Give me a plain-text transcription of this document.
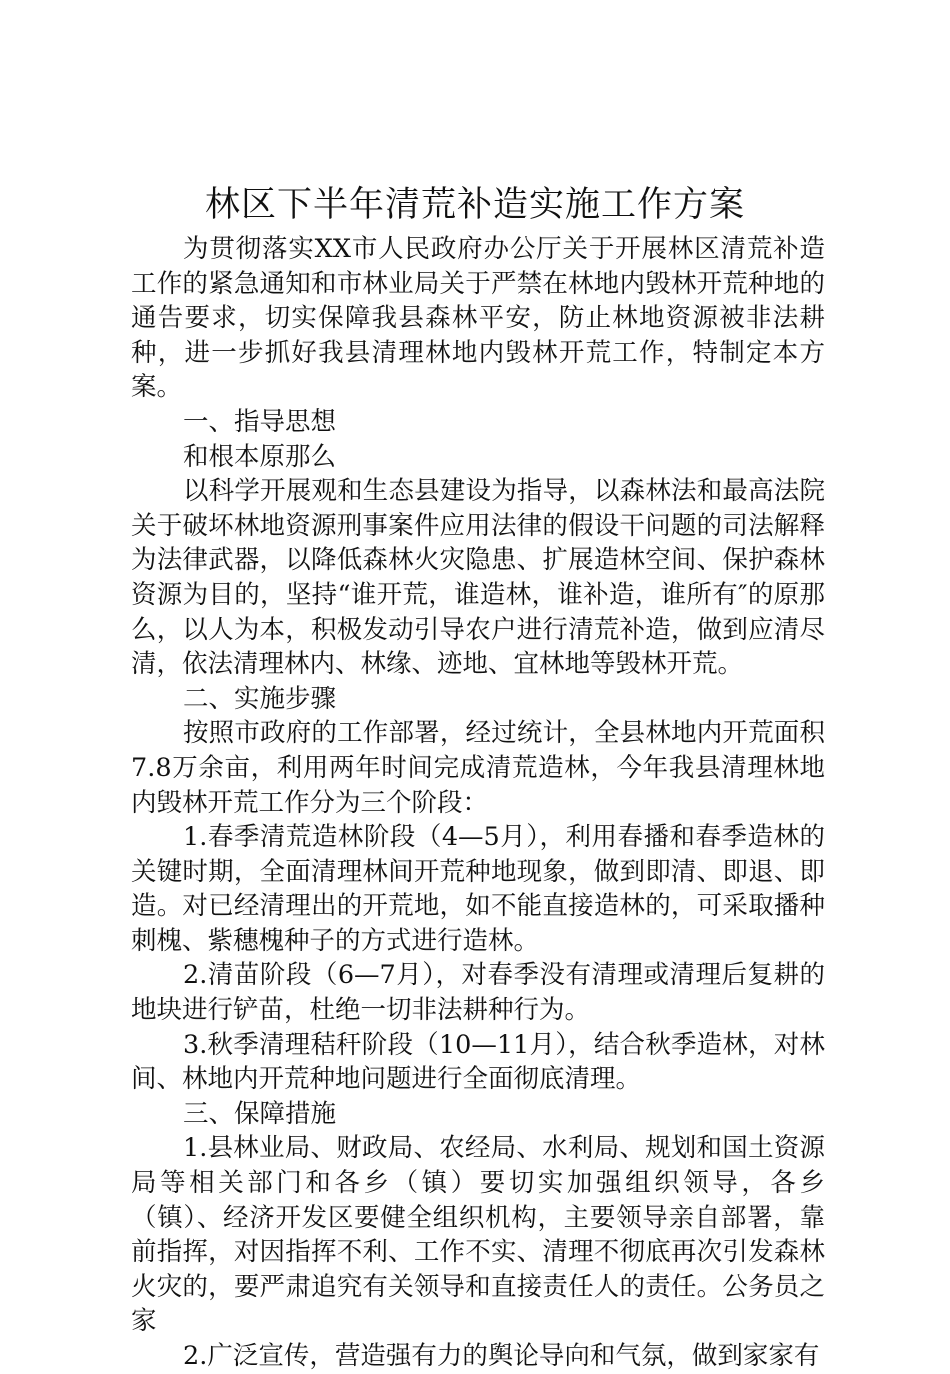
林区下半年清荒补造实施工作方案

为贯彻落实XX市人民政府办公厅关于开展林区清荒补造工作的紧急通知和市林业局关于严禁在林地内毁林开荒种地的通告要求，切实保障我县森林平安，防止林地资源被非法耕种，进一步抓好我县清理林地内毁林开荒工作，特制定本方案。

一、指导思想

和根本原那么

以科学开展观和生态县建设为指导，以森林法和最高法院关于破坏林地资源刑事案件应用法律的假设干问题的司法解释为法律武器，以降低森林火灾隐患、扩展造林空间、保护森林资源为目的，坚持“谁开荒，谁造林，谁补造，谁所有″的原那么，以人为本，积极发动引导农户进行清荒补造，做到应清尽清，依法清理林内、林缘、迹地、宜林地等毁林开荒。

二、实施步骤

按照市政府的工作部署，经过统计，全县林地内开荒面积7.8万余亩，利用两年时间完成清荒造林，今年我县清理林地内毁林开荒工作分为三个阶段：

1.春季清荒造林阶段（4—5月），利用春播和春季造林的关键时期，全面清理林间开荒种地现象，做到即清、即退、即造。对已经清理出的开荒地，如不能直接造林的，可采取播种刺槐、紫穗槐种子的方式进行造林。

2.清苗阶段（6—7月），对春季没有清理或清理后复耕的地块进行铲苗，杜绝一切非法耕种行为。

3.秋季清理秸秆阶段（10—11月），结合秋季造林，对林间、林地内开荒种地问题进行全面彻底清理。

三、保障措施

1.县林业局、财政局、农经局、水利局、规划和国土资源局等相关部门和各乡（镇）要切实加强组织领导，各乡（镇）、经济开发区要健全组织机构，主要领导亲自部署，靠前指挥，对因指挥不利、工作不实、清理不彻底再次引发森林火灾的，要严肃追究有关领导和直接责任人的责任。公务员之家

2.广泛宣传，营造强有力的舆论导向和气氛，做到家家有
